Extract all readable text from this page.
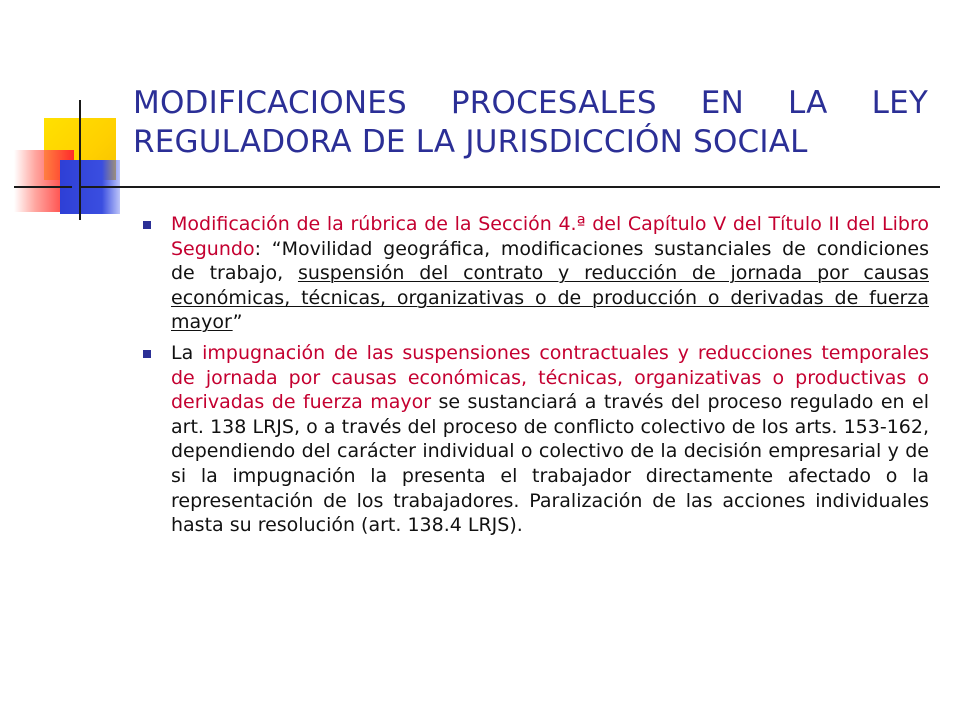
MODIFICACIONES PROCESALES EN LA LEY
REGULADORA DE LA JURISDICCIÓN SOCIAL
Modificación de la rúbrica de la Sección 4.ª del Capítulo V del Título II del Libro Segundo: “Movilidad geográfica, modificaciones sustanciales de condiciones de trabajo, suspensión del contrato y reducción de jornada por causas económicas, técnicas, organizativas o de producción o derivadas de fuerza mayor”
La impugnación de las suspensiones contractuales y reducciones temporales de jornada por causas económicas, técnicas, organizativas o productivas o derivadas de fuerza mayor se sustanciará a través del proceso regulado en el art. 138 LRJS, o a través del proceso de conflicto colectivo de los arts. 153-162, dependiendo del carácter individual o colectivo de la decisión empresarial y de si la impugnación la presenta el trabajador directamente afectado o la representación de los trabajadores. Paralización de las acciones individuales hasta su resolución (art. 138.4 LRJS).
